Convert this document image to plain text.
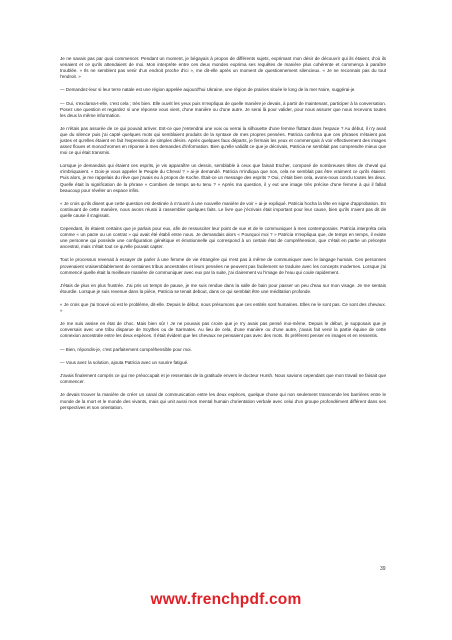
Je ne savais pas par quoi commencer. Pendant un moment, je bégayais à propos de différents sujets, exprimant mon désir de découvrir qui ils étaient, d'où ils venaient et ce qu'ils attendaient de moi. Mon interprète entre ces deux mondes exprima ses requêtes de manière plus cohérente et commença à paraître troublée. « Ils ne semblent pas venir d'un endroit proche d'ici », me dit-elle après un moment de questionnement silencieux. « Je ne reconnais pas du tout l'endroit. »

— Demandez-leur si leur terre natale est une région appelée aujourd'hui Ukraine, une région de prairies située le long de la mer Noire, suggérai-je.

— Oui, s'exclama-t-elle, c'est cela ; très bien. Elle ouvrit les yeux puis m'expliqua de quelle manière je devais, à partir de maintenant, participer à la conversation. Posez une question et regardez si une réponse vous vient, d'une manière ou d'une autre. Je serai là pour valider, pour nous assurer que nous recevons toutes les deux la même information.

Je n'étais pas assurée de ce qui pouvait arriver. Est-ce que j'entendrai une voix ou verrai la silhouette d'une femme flottant dans l'espace ? Au début, il n'y avait que du silence puis j'ai capté quelques mots qui semblaient produits de la syntaxe de mes propres pensées. Patricia confirma que ces phrases n'étaient pas justes et qu'elles étaient en fait l'expression de simples désirs. Après quelques faux départs, je fermais les yeux et commençais à voir effectivement des images assez floues et monochromes en réponse à mes demandes d'information. Bien qu'elle validât ce que je décrivais, Patricia ne semblait pas comprendre mieux que moi ce qui était transmis.

Lorsque je demandais qui étaient ces esprits, je vis apparaître un dessin, semblable à ceux que faisait Escher, composé de nombreuses têtes de cheval qui s'imbriquaient. « Dois-je vous appeler le Peuple du Cheval ? » ai-je demandé. Patricia m'indiqua que non, cela ne semblait pas être vraiment ce qu'ils étaient. Puis alors, je me rappelais du rêve que j'avais eu à propos de Koche. Était-ce un message des esprits ? Oui, c'était bien cela, avons-nous conclu toutes les deux. Quelle était la signification de la phrase « Combien de temps as-tu tenu ? » Après ma question, il y eut une image très précise d'une femme à qui il fallait beaucoup pour révéler un espace infini.

« Je crois qu'ils disent que cette question est destinée à m'ouvrir à une nouvelle manière de voir » ai-je expliqué. Patricia hocha la tête en signe d'approbation. En continuant de cette manière, nous avons réussi à rassembler quelques faits. Le livre que j'écrivais était important pour leur cause, bien qu'ils n'aient pas dit de quelle cause il s'agissait.

Cependant, ils étaient certains que je parlais pour eux, afin de ressusciter leur point de vue et de le communiquer à mes contemporains. Patricia interpréta cela comme « un pacte ou un contrat » qui avait été établi entre nous. Je demandais alors « Pourquoi moi ? » Patricia m'expliqua que, de temps en temps, il existe une personne qui possède une configuration génétique et émotionnelle qui correspond à un certain état de compréhension, que c'était en partie un précepte ancestral, mais c'était tout ce qu'elle pouvait capter.

Tout le processus revenait à essayer de parler à une femme de vie étrangère qui n'est pas à même de communiquer avec le langage humain. Ces personnes provenaient vraisemblablement de centaines tribus ancestrales et leurs pensées ne peuvent pas facilement se traduire avec les concepts modernes. Lorsque j'ai commencé quelle était la meilleure manière de communiquer avec eux par la suite, j'ai clairement vu l'image de l'eau qui coule rapidement.

J'étais de plus en plus frustrée. J'ai pris un temps de pause, je me suis rendue dans la salle de bain pour passer un peu d'eau sur mon visage. Je me sentais étourdie. Lorsque je suis revenue dans la pièce, Patricia se tenait debout, dans ce qui semblait être une méditation profonde.

« Je crois que j'ai trouvé où est le problème, dit-elle. Depuis le début, nous présumons que ces entités sont humaines. Elles ne le sont pas. Ce sont des chevaux. »

Je me suis assise en état de choc. Mais bien sûr ! Je ne pouvais pas croire que je n'y avais pas pensé moi-même. Depuis le début, je supposais que je conversais avec une tribu disparue de Scythes ou de Sarmates. Au lieu de cela, d'une manière ou d'une autre, j'avais fait venir la partie équine de cette connexion ancestrale entre les deux espèces. Il était évident que les chevaux ne pensaient pas avec des mots. Ils préfèrent penser en images et en ressentis.

— Bien, répondis-je, c'est parfaitement compréhensible pour moi.

— Vous avez la solution, ajouta Patricia avec un sourire fatigué.

J'avais finalement compris ce qui me préoccupait et je ressentais de la gratitude envers le docteur Hursh. Nous savions cependant que mon travail ne faisait que commencer.

Je devais trouver la manière de créer un canal de communication entre les deux espèces, quelque chose qui non seulement transcende les barrières entre le monde de la mort et le monde des vivants, mais qui unit aussi mon mental humain d'orientation verbale avec celui d'un groupe profondément différent dans ses perspectives et son orientation.

39
www.frenchpdf.com
